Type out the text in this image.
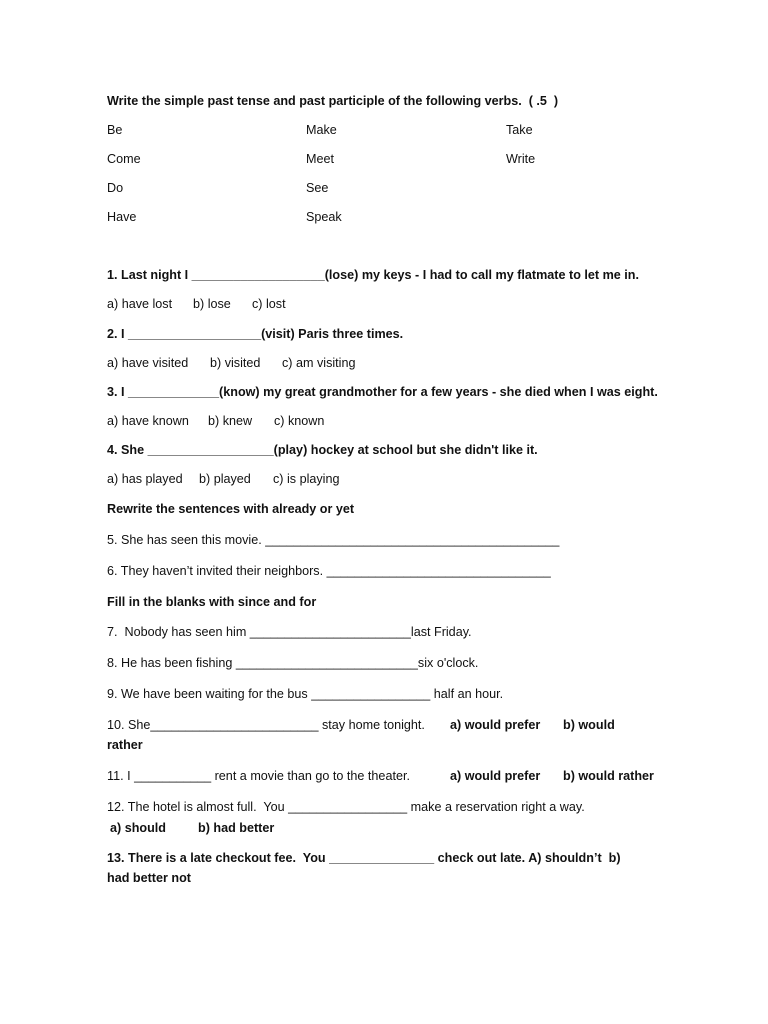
Write the simple past tense and past participle of the following verbs.  ( .5  )
Be	Make	Take
Come	Meet	Write
Do	See
Have	Speak
1. Last night I ___________________(lose) my keys - I had to call my flatmate to let me in.
a) have lost b) lose c) lost
2. I ___________________(visit) Paris three times.
a) have visited b) visited c) am visiting
3. I _____________(know) my great grandmother for a few years - she died when I was eight.
a) have known b) knew c) known
4. She __________________(play) hockey at school but she didn't like it.
a) has played b) played c) is playing
Rewrite the sentences with already or yet
5. She has seen this movie. __________________________________________
6. They haven’t invited their neighbors. ________________________________
Fill in the blanks with since and for
7.  Nobody has seen him _______________________last Friday.
8. He has been fishing __________________________six o'clock.
9. We have been waiting for the bus _________________ half an hour.
10. She________________________ stay home tonight. a) would prefer b) would
rather
11. I ___________ rent a movie than go to the theater.	a) would prefer b) would rather
12. The hotel is almost full.  You _________________ make a reservation right a way.
a) should	b) had better
13. There is a late checkout fee.  You _______________ check out late. A) shouldn’t  b)
had better not
